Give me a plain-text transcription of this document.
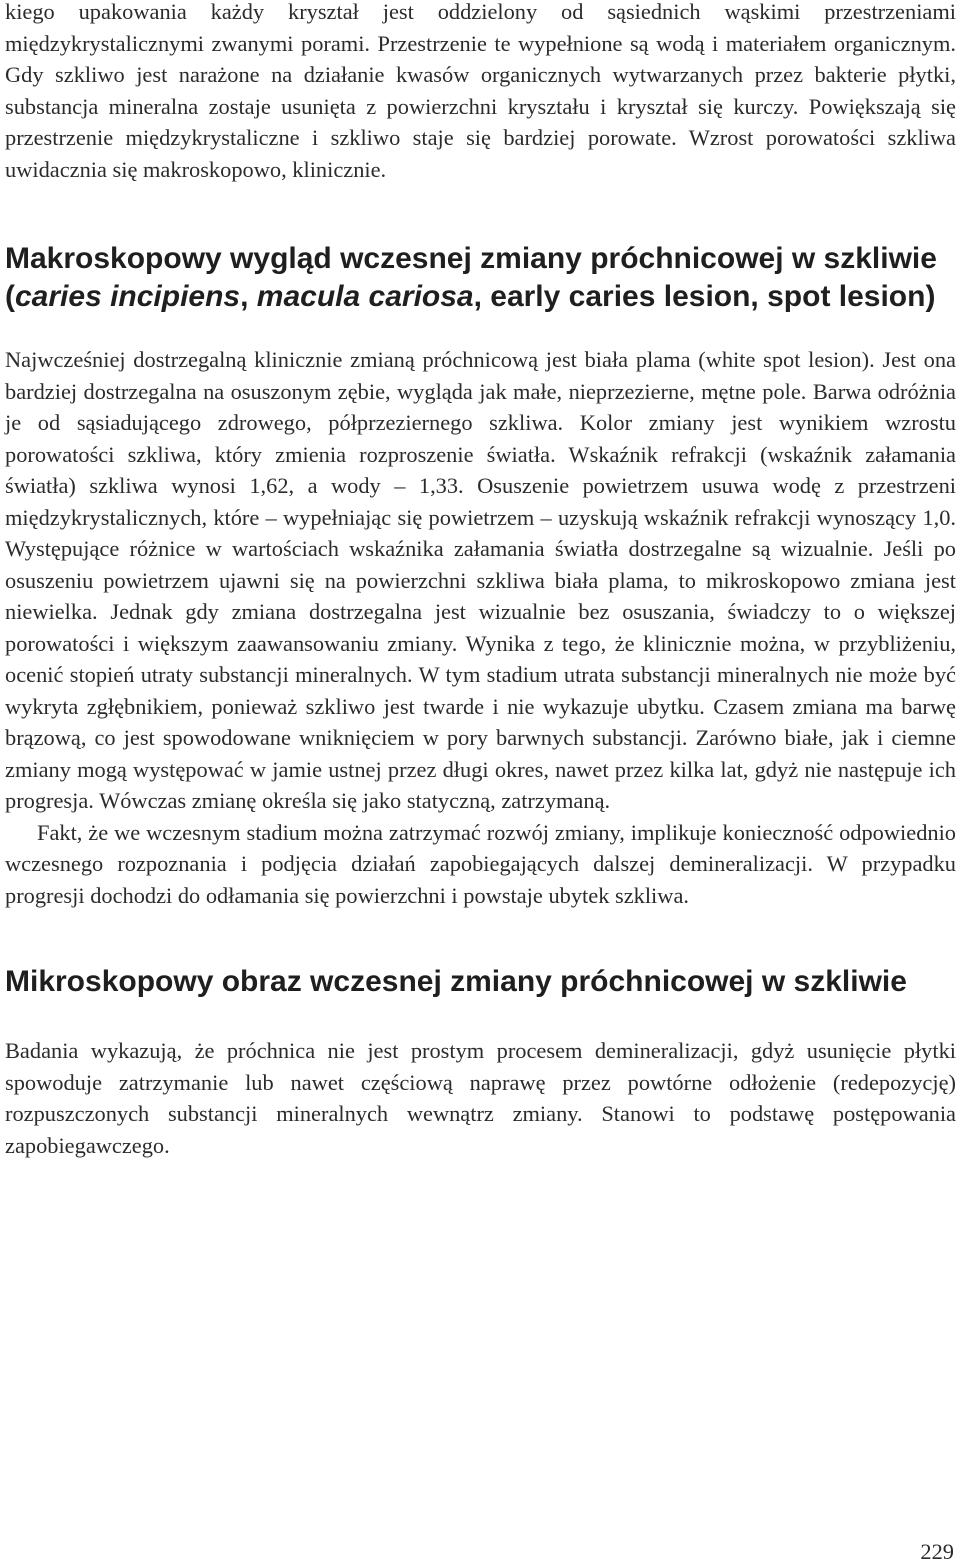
kiego upakowania każdy kryształ jest oddzielony od sąsiednich wąskimi przestrzeniami międzykrystalicznymi zwanymi porami. Przestrzenie te wypełnione są wodą i materiałem organicznym. Gdy szkliwo jest narażone na działanie kwasów organicznych wytwarzanych przez bakterie płytki, substancja mineralna zostaje usunięta z powierzchni kryształu i kryształ się kurczy. Powiększają się przestrzenie międzykrystaliczne i szkliwo staje się bardziej porowate. Wzrost porowatości szkliwa uwidacznia się makroskopowo, klinicznie.

Makroskopowy wygląd wczesnej zmiany próchnicowej w szkliwie (caries incipiens, macula cariosa, early caries lesion, spot lesion)

Najwcześniej dostrzegalną klinicznie zmianą próchnicową jest biała plama (white spot lesion). Jest ona bardziej dostrzegalna na osuszonym zębie, wygląda jak małe, nieprzezierne, mętne pole. Barwa odróżnia je od sąsiadującego zdrowego, półprzeziernego szkliwa. Kolor zmiany jest wynikiem wzrostu porowatości szkliwa, który zmienia rozproszenie światła. Wskaźnik refrakcji (wskaźnik załamania światła) szkliwa wynosi 1,62, a wody – 1,33. Osuszenie powietrzem usuwa wodę z przestrzeni międzykrystalicznych, które – wypełniając się powietrzem – uzyskują wskaźnik refrakcji wynoszący 1,0. Występujące różnice w wartościach wskaźnika załamania światła dostrzegalne są wizualnie. Jeśli po osuszeniu powietrzem ujawni się na powierzchni szkliwa biała plama, to mikroskopowo zmiana jest niewielka. Jednak gdy zmiana dostrzegalna jest wizualnie bez osuszania, świadczy to o większej porowatości i większym zaawansowaniu zmiany. Wynika z tego, że klinicznie można, w przybliżeniu, ocenić stopień utraty substancji mineralnych. W tym stadium utrata substancji mineralnych nie może być wykryta zgłębnikiem, ponieważ szkliwo jest twarde i nie wykazuje ubytku. Czasem zmiana ma barwę brązową, co jest spowodowane wniknięciem w pory barwnych substancji. Zarówno białe, jak i ciemne zmiany mogą występować w jamie ustnej przez długi okres, nawet przez kilka lat, gdyż nie następuje ich progresja. Wówczas zmianę określa się jako statyczną, zatrzymaną.

Fakt, że we wczesnym stadium można zatrzymać rozwój zmiany, implikuje konieczność odpowiednio wczesnego rozpoznania i podjęcia działań zapobiegających dalszej demineralizacji. W przypadku progresji dochodzi do odłamania się powierzchni i powstaje ubytek szkliwa.

Mikroskopowy obraz wczesnej zmiany próchnicowej w szkliwie

Badania wykazują, że próchnica nie jest prostym procesem demineralizacji, gdyż usunięcie płytki spowoduje zatrzymanie lub nawet częściową naprawę przez powtórne odłożenie (redepozycję) rozpuszczonych substancji mineralnych wewnątrz zmiany. Stanowi to podstawę postępowania zapobiegawczego.

229
